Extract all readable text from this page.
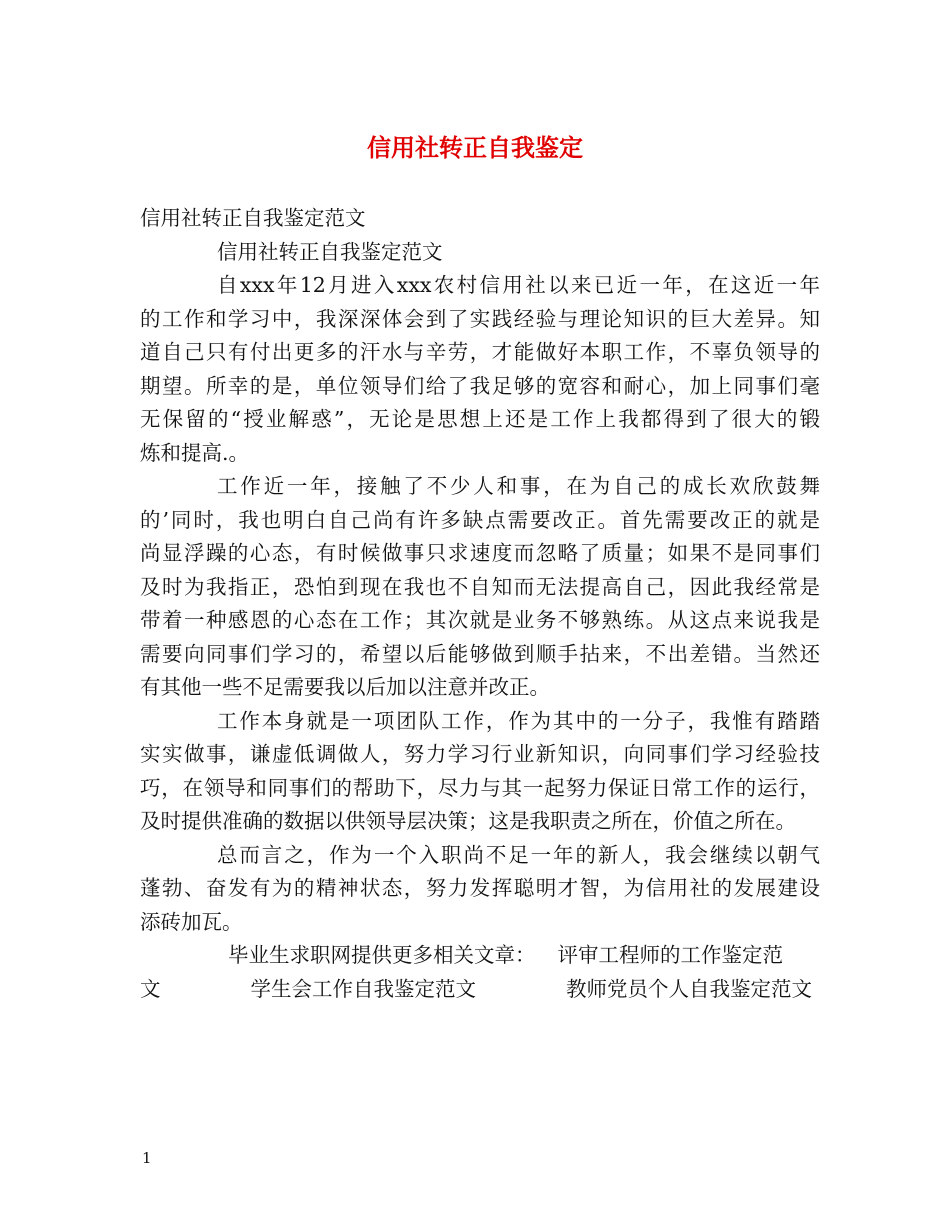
信用社转正自我鉴定
信用社转正自我鉴定范文
信用社转正自我鉴定范文
自xxx年12月进入xxx农村信用社以来已近一年，在这近一年
的工作和学习中，我深深体会到了实践经验与理论知识的巨大差异。知
道自己只有付出更多的汗水与辛劳，才能做好本职工作，不辜负领导的
期望。所幸的是，单位领导们给了我足够的宽容和耐心，加上同事们毫
无保留的“授业解惑”，无论是思想上还是工作上我都得到了很大的锻
炼和提高.。
工作近一年，接触了不少人和事，在为自己的成长欢欣鼓舞
的’同时，我也明白自己尚有许多缺点需要改正。首先需要改正的就是
尚显浮躁的心态，有时候做事只求速度而忽略了质量；如果不是同事们
及时为我指正，恐怕到现在我也不自知而无法提高自己，因此我经常是
带着一种感恩的心态在工作；其次就是业务不够熟练。从这点来说我是
需要向同事们学习的，希望以后能够做到顺手拈来，不出差错。当然还
有其他一些不足需要我以后加以注意并改正。
工作本身就是一项团队工作，作为其中的一分子，我惟有踏踏
实实做事，谦虚低调做人，努力学习行业新知识，向同事们学习经验技
巧，在领导和同事们的帮助下，尽力与其一起努力保证日常工作的运行，
及时提供准确的数据以供领导层决策；这是我职责之所在，价值之所在。
总而言之，作为一个入职尚不足一年的新人，我会继续以朝气
蓬勃、奋发有为的精神状态，努力发挥聪明才智，为信用社的发展建设
添砖加瓦。
毕业生求职网提供更多相关文章： 评审工程师的工作鉴定范
文	学生会工作自我鉴定范文	教师党员个人自我鉴定范文
1
